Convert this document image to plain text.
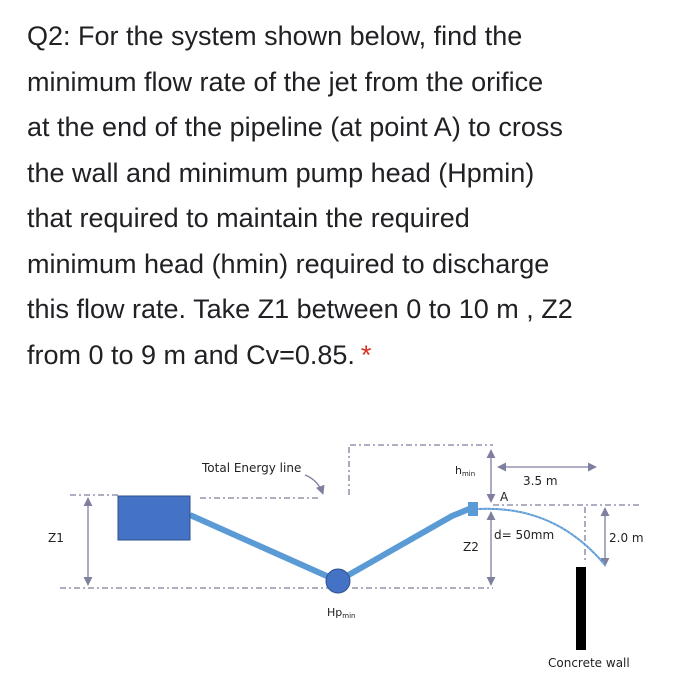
Q2: For the system shown below, find the
minimum flow rate of the jet from the orifice
at the end of the pipeline (at point A) to cross
the wall and minimum pump head (Hpmin)
that required to maintain the required
minimum head (hmin) required to discharge
this flow rate. Take Z1 between 0 to 10 m , Z2
from 0 to 9 m and Cv=0.85. *
Total Energy line	hmin	3.5 m
A
Z1
Z2
d= 50mm	2.0 m
Hpmin
Concrete wall
